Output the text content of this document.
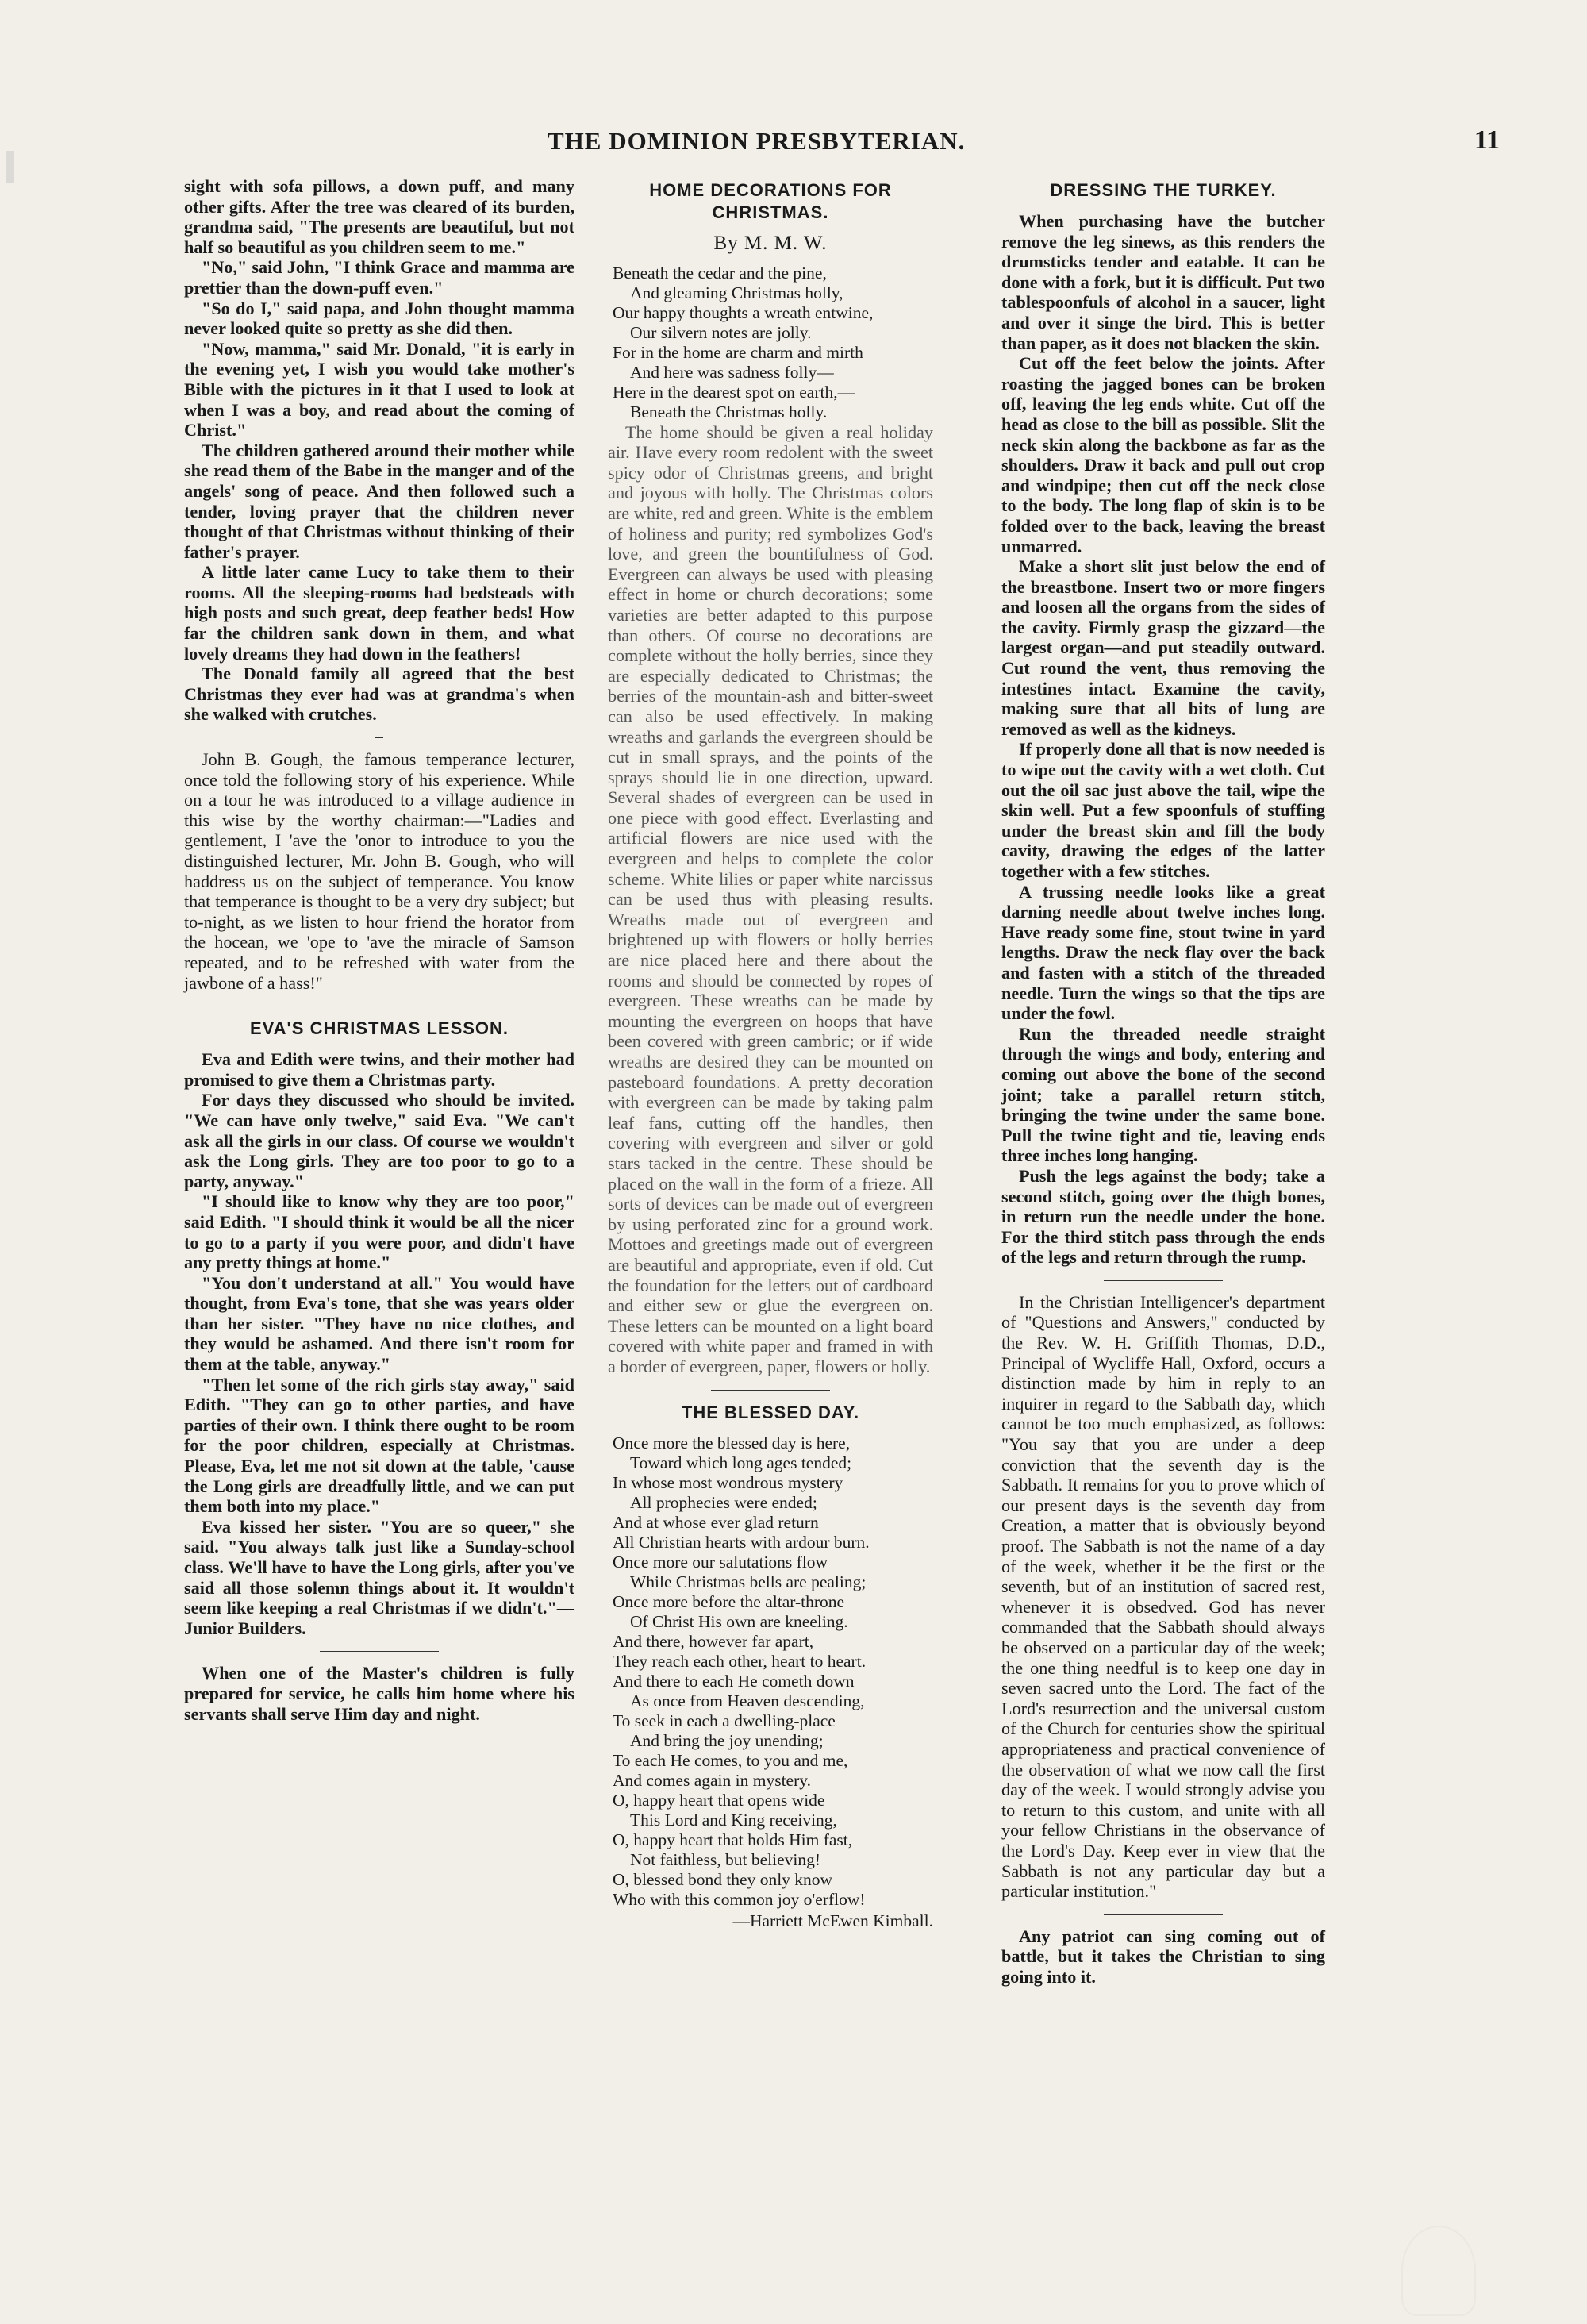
THE DOMINION PRESBYTERIAN.	11

sight with sofa pillows, a down puff, and many other gifts. After the tree was cleared of its burden, grandma said, "The presents are beautiful, but not half so beautiful as you children seem to me."

"No," said John, "I think Grace and mamma are prettier than the down-puff even."

"So do I," said papa, and John thought mamma never looked quite so pretty as she did then.

"Now, mamma," said Mr. Donald, "it is early in the evening yet, I wish you would take mother's Bible with the pictures in it that I used to look at when I was a boy, and read about the coming of Christ."

The children gathered around their mother while she read them of the Babe in the manger and of the angels' song of peace. And then followed such a tender, loving prayer that the children never thought of that Christmas without thinking of their father's prayer.

A little later came Lucy to take them to their rooms. All the sleeping-rooms had bedsteads with high posts and such great, deep feather beds! How far the children sank down in them, and what lovely dreams they had down in the feathers!

The Donald family all agreed that the best Christmas they ever had was at grandma's when she walked with crutches.

John B. Gough, the famous temperance lecturer, once told the following story of his experience. While on a tour he was introduced to a village audience in this wise by the worthy chairman:—"Ladies and gentlement, I 'ave the 'onor to introduce to you the distinguished lecturer, Mr. John B. Gough, who will haddress us on the subject of temperance. You know that temperance is thought to be a very dry subject; but to-night, as we listen to hour friend the horator from the hocean, we 'ope to 'ave the miracle of Samson repeated, and to be refreshed with water from the jawbone of a hass!"

EVA'S CHRISTMAS LESSON.

Eva and Edith were twins, and their mother had promised to give them a Christmas party.

For days they discussed who should be invited. "We can have only twelve," said Eva. "We can't ask all the girls in our class. Of course we wouldn't ask the Long girls. They are too poor to go to a party, anyway."

"I should like to know why they are too poor," said Edith. "I should think it would be all the nicer to go to a party if you were poor, and didn't have any pretty things at home."

"You don't understand at all." You would have thought, from Eva's tone, that she was years older than her sister. "They have no nice clothes, and they would be ashamed. And there isn't room for them at the table, anyway."

"Then let some of the rich girls stay away," said Edith. "They can go to other parties, and have parties of their own. I think there ought to be room for the poor children, especially at Christmas. Please, Eva, let me not sit down at the table, 'cause the Long girls are dreadfully little, and we can put them both into my place."

Eva kissed her sister. "You are so queer," she said. "You always talk just like a Sunday-school class. We'll have to have the Long girls, after you've said all those solemn things about it. It wouldn't seem like keeping a real Christmas if we didn't."—Junior Builders.

When one of the Master's children is fully prepared for service, he calls him home where his servants shall serve Him day and night.

HOME DECORATIONS FOR CHRISTMAS.
By M. M. W.
Beneath the cedar and the pine,
And gleaming Christmas holly,
Our happy thoughts a wreath entwine,
Our silvern notes are jolly.
For in the home are charm and mirth
And here was sadness folly—
Here in the dearest spot on earth,—
Beneath the Christmas holly.

The home should be given a real holiday air. Have every room redolent with the sweet spicy odor of Christmas greens, and bright and joyous with holly. The Christmas colors are white, red and green. White is the emblem of holiness and purity; red symbolizes God's love, and green the bountifulness of God. Evergreen can always be used with pleasing effect in home or church decorations; some varieties are better adapted to this purpose than others. Of course no decorations are complete without the holly berries, since they are especially dedicated to Christmas; the berries of the mountain-ash and bitter-sweet can also be used effectively. In making wreaths and garlands the evergreen should be cut in small sprays, and the points of the sprays should lie in one direction, upward. Several shades of evergreen can be used in one piece with good effect. Everlasting and artificial flowers are nice used with the evergreen and helps to complete the color scheme. White lilies or paper white narcissus can be used thus with pleasing results. Wreaths made out of evergreen and brightened up with flowers or holly berries are nice placed here and there about the rooms and should be connected by ropes of evergreen. These wreaths can be made by mounting the evergreen on hoops that have been covered with green cambric; or if wide wreaths are desired they can be mounted on pasteboard foundations. A pretty decoration with evergreen can be made by taking palm leaf fans, cutting off the handles, then covering with evergreen and silver or gold stars tacked in the centre. These should be placed on the wall in the form of a frieze. All sorts of devices can be made out of evergreen by using perforated zinc for a ground work. Mottoes and greetings made out of evergreen are beautiful and appropriate, even if old. Cut the foundation for the letters out of cardboard and either sew or glue the evergreen on. These letters can be mounted on a light board covered with white paper and framed in with a border of evergreen, paper, flowers or holly.

THE BLESSED DAY.
Once more the blessed day is here,
Toward which long ages tended;
In whose most wondrous mystery
All prophecies were ended;
And at whose ever glad return
All Christian hearts with ardour burn.
Once more our salutations flow
While Christmas bells are pealing;
Once more before the altar-throne
Of Christ His own are kneeling.
And there, however far apart,
They reach each other, heart to heart.
And there to each He cometh down
As once from Heaven descending,
To seek in each a dwelling-place
And bring the joy unending;
To each He comes, to you and me,
And comes again in mystery.
O, happy heart that opens wide
This Lord and King receiving,
O, happy heart that holds Him fast,
Not faithless, but believing!
O, blessed bond they only know
Who with this common joy o'erflow!
—Harriett McEwen Kimball.
DRESSING THE TURKEY.

When purchasing have the butcher remove the leg sinews, as this renders the drumsticks tender and eatable. It can be done with a fork, but it is difficult. Put two tablespoonfuls of alcohol in a saucer, light and over it singe the bird. This is better than paper, as it does not blacken the skin.

Cut off the feet below the joints. After roasting the jagged bones can be broken off, leaving the leg ends white. Cut off the head as close to the bill as possible. Slit the neck skin along the backbone as far as the shoulders. Draw it back and pull out crop and windpipe; then cut off the neck close to the body. The long flap of skin is to be folded over to the back, leaving the breast unmarred.

Make a short slit just below the end of the breastbone. Insert two or more fingers and loosen all the organs from the sides of the cavity. Firmly grasp the gizzard—the largest organ—and put steadily outward. Cut round the vent, thus removing the intestines intact. Examine the cavity, making sure that all bits of lung are removed as well as the kidneys.

If properly done all that is now needed is to wipe out the cavity with a wet cloth. Cut out the oil sac just above the tail, wipe the skin well. Put a few spoonfuls of stuffing under the breast skin and fill the body cavity, drawing the edges of the latter together with a few stitches.

A trussing needle looks like a great darning needle about twelve inches long. Have ready some fine, stout twine in yard lengths. Draw the neck flay over the back and fasten with a stitch of the threaded needle. Turn the wings so that the tips are under the fowl.

Run the threaded needle straight through the wings and body, entering and coming out above the bone of the second joint; take a parallel return stitch, bringing the twine under the same bone. Pull the twine tight and tie, leaving ends three inches long hanging.

Push the legs against the body; take a second stitch, going over the thigh bones, in return run the needle under the bone. For the third stitch pass through the ends of the legs and return through the rump.

In the Christian Intelligencer's department of "Questions and Answers," conducted by the Rev. W. H. Griffith Thomas, D.D., Principal of Wycliffe Hall, Oxford, occurs a distinction made by him in reply to an inquirer in regard to the Sabbath day, which cannot be too much emphasized, as follows: "You say that you are under a deep conviction that the seventh day is the Sabbath. It remains for you to prove which of our present days is the seventh day from Creation, a matter that is obviously beyond proof. The Sabbath is not the name of a day of the week, whether it be the first or the seventh, but of an institution of sacred rest, whenever it is obsedved. God has never commanded that the Sabbath should always be observed on a particular day of the week; the one thing needful is to keep one day in seven sacred unto the Lord. The fact of the Lord's resurrection and the universal custom of the Church for centuries show the spiritual appropriateness and practical convenience of the observation of what we now call the first day of the week. I would strongly advise you to return to this custom, and unite with all your fellow Christians in the observance of the Lord's Day. Keep ever in view that the Sabbath is not any particular day but a particular institution."

Any patriot can sing coming out of battle, but it takes the Christian to sing going into it.
